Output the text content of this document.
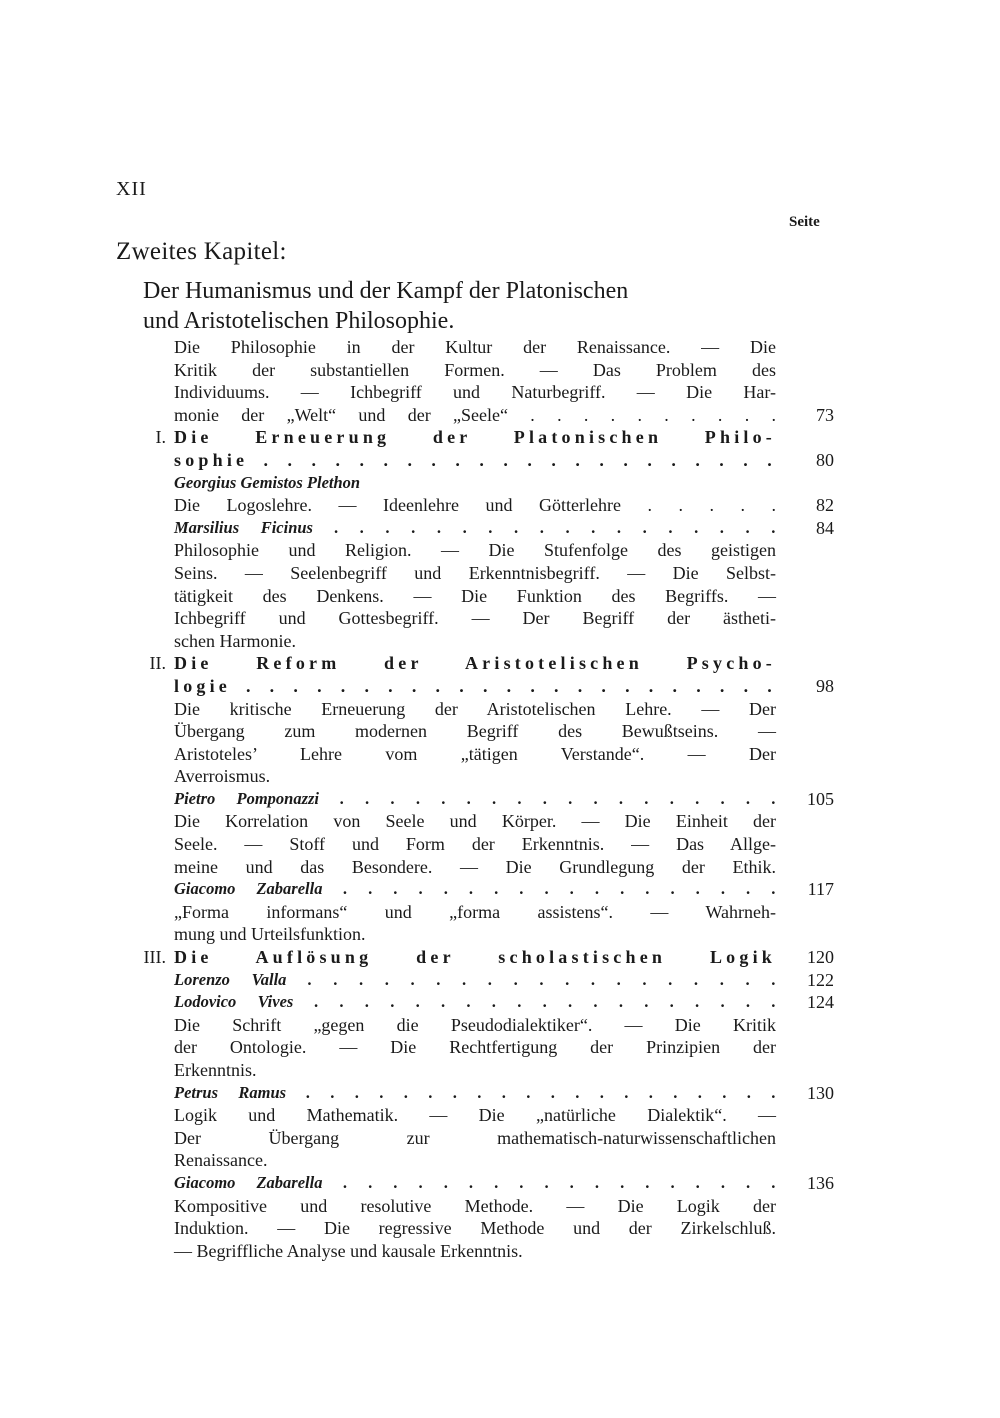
XII
Seite
Zweites Kapitel:
Der Humanismus und der Kampf der Platonischen
und Aristotelischen Philosophie.
Die Philosophie in der Kultur der Renaissance. — Die
Kritik der substantiellen Formen. — Das Problem des
Individuums. — Ichbegriff und Naturbegriff. — Die Har-
monie der „Welt“ und der „Seele“ . . . . . . . . . .	73
I. Die Erneuerung der Platonischen Philo-
sophie . . . . . . . . . . . . . . . . . . . . . .	80
Georgius Gemistos Plethon
Die Logoslehre. — Ideenlehre und Götterlehre . . . . .	82
Marsilius Ficinus . . . . . . . . . . . . . . . . . .	84
Philosophie und Religion. — Die Stufenfolge des geistigen
Seins. — Seelenbegriff und Erkenntnisbegriff. — Die Selbst-
tätigkeit des Denkens. — Die Funktion des Begriffs. —
Ichbegriff und Gottesbegriff. — Der Begriff der ästheti-
schen Harmonie.
II. Die Reform der Aristotelischen Psycho-
logie . . . . . . . . . . . . . . . . . . . . . . .	98
Die kritische Erneuerung der Aristotelischen Lehre. — Der
Übergang zum modernen Begriff des Bewußtseins. —
Aristoteles’ Lehre vom „tätigen Verstande“. — Der
Averroismus.
Pietro Pomponazzi . . . . . . . . . . . . . . . . . .	105
Die Korrelation von Seele und Körper. — Die Einheit der
Seele. — Stoff und Form der Erkenntnis. — Das Allge-
meine und das Besondere. — Die Grundlegung der Ethik.
Giacomo Zabarella . . . . . . . . . . . . . . . . . .	117
„Forma informans“ und „forma assistens“. — Wahrneh-
mung und Urteilsfunktion.
III. Die Auflösung der scholastischen Logik	120
Lorenzo Valla . . . . . . . . . . . . . . . . . . .	122
Lodovico Vives . . . . . . . . . . . . . . . . . . .	124
Die Schrift „gegen die Pseudodialektiker“. — Die Kritik
der Ontologie. — Die Rechtfertigung der Prinzipien der
Erkenntnis.
Petrus Ramus . . . . . . . . . . . . . . . . . . . .	130
Logik und Mathematik. — Die „natürliche Dialektik“. —
Der Übergang zur mathematisch-naturwissenschaftlichen
Renaissance.
Giacomo Zabarella . . . . . . . . . . . . . . . . . .	136
Kompositive und resolutive Methode. — Die Logik der
Induktion. — Die regressive Methode und der Zirkelschluß.
— Begriffliche Analyse und kausale Erkenntnis.
